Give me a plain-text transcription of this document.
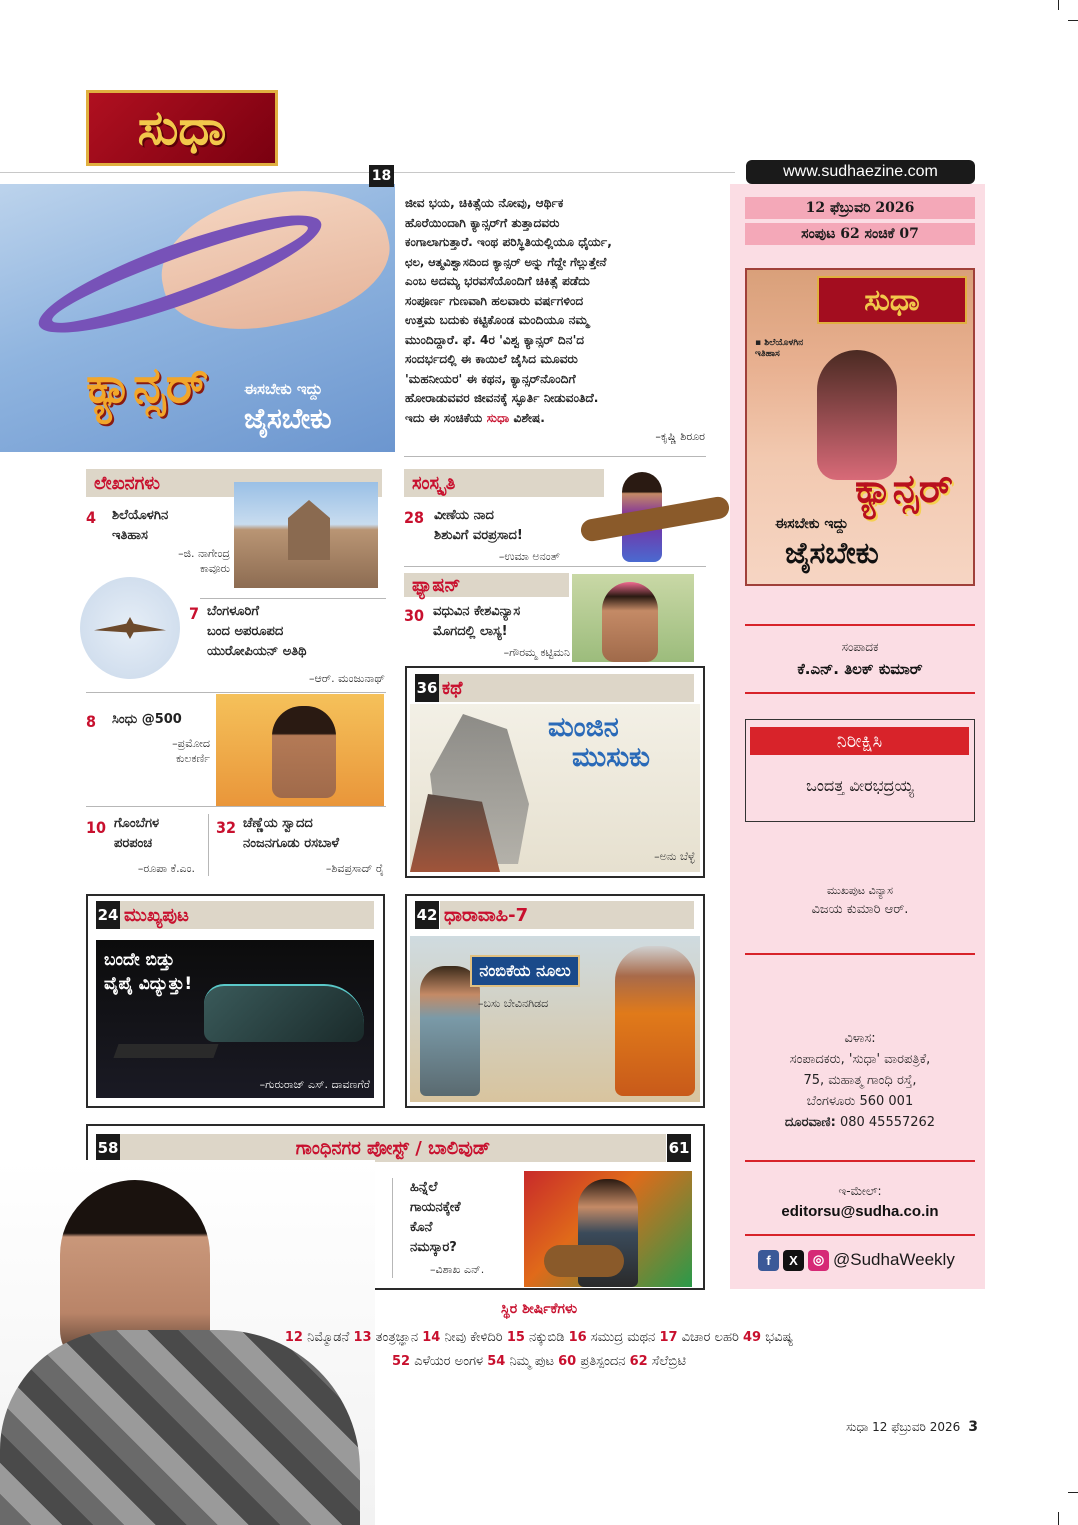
ಸುಧಾ
www.sudhaezine.com
12 ಫೆಬ್ರುವರಿ 2026
ಸಂಪುಟ 62 ಸಂಚಿಕೆ 07
ಸುಧಾ
▪ ಶಿಲೆಯೊಳಗಿನ ಇತಿಹಾಸ
ಕ್ಯಾನ್ಸರ್
ಈಸಬೇಕು ಇದ್ದು
ಜೈಸಬೇಕು
ಸಂಪಾದಕ
ಕೆ.ಎನ್. ತಿಲಕ್ ಕುಮಾರ್
ನಿರೀಕ್ಷಿಸಿ
ಒಂದತ್ತ ವೀರಭದ್ರಯ್ಯ
ಮುಖಪುಟ ವಿನ್ಯಾಸ
ವಿಜಯ ಕುಮಾರಿ ಆರ್.
ವಿಳಾಸ:
ಸಂಪಾದಕರು, 'ಸುಧಾ' ವಾರಪತ್ರಿಕೆ,
75, ಮಹಾತ್ಮ ಗಾಂಧಿ ರಸ್ತೆ,
ಬೆಂಗಳೂರು 560 001
ದೂರವಾಣಿ: 080 45557262
ಇ-ಮೇಲ್:
editorsu@sudha.co.in
f	X	◎ @SudhaWeekly
ಕ್ಯಾನ್ಸರ್ ಈಸಬೇಕು ಇದ್ದು
ಜೈಸಬೇಕು
18
ಜೀವ ಭಯ, ಚಿಕಿತ್ಸೆಯ ನೋವು, ಆರ್ಥಿಕ
ಹೊರೆಯಿಂದಾಗಿ ಕ್ಯಾನ್ಸರ್‌ಗೆ ತುತ್ತಾದವರು
ಕಂಗಾಲಾಗುತ್ತಾರೆ. ಇಂಥ ಪರಿಸ್ಥಿತಿಯಲ್ಲಿಯೂ ಧೈರ್ಯ,
ಛಲ, ಆತ್ಮವಿಶ್ವಾಸದಿಂದ ಕ್ಯಾನ್ಸರ್ ಅನ್ನು ಗೆದ್ದೇ ಗೆಲ್ಲುತ್ತೇನೆ
ಎಂಬ ಅದಮ್ಯ ಭರವಸೆಯೊಂದಿಗೆ ಚಿಕಿತ್ಸೆ ಪಡೆದು
ಸಂಪೂರ್ಣ ಗುಣವಾಗಿ ಹಲವಾರು ವರ್ಷಗಳಿಂದ
ಉತ್ತಮ ಬದುಕು ಕಟ್ಟಿಕೊಂಡ ಮಂದಿಯೂ ನಮ್ಮ
ಮುಂದಿದ್ದಾರೆ. ಫೆ. 4ರ 'ವಿಶ್ವ ಕ್ಯಾನ್ಸರ್ ದಿನ'ದ
ಸಂದರ್ಭದಲ್ಲಿ ಈ ಕಾಯಿಲೆ ಜೈಸಿದ ಮೂವರು
'ಮಹನೀಯರ' ಈ ಕಥನ, ಕ್ಯಾನ್ಸರ್‌ನೊಂದಿಗೆ
ಹೋರಾಡುವವರ ಜೀವನಕ್ಕೆ ಸ್ಫೂರ್ತಿ ನೀಡುವಂತಿದೆ.
ಇದು ಈ ಸಂಚಿಕೆಯ ಸುಧಾ ವಿಶೇಷ.
–ಕೃಷ್ಣಿ ಶಿರೂರ
ಲೇಖನಗಳು
4 ಶಿಲೆಯೊಳಗಿನ
ಇತಿಹಾಸ
–ಜಿ. ನಾಗೇಂದ್ರ
ಕಾವೂರು
7 ಬೆಂಗಳೂರಿಗೆ
ಬಂದ ಅಪರೂಪದ
ಯುರೋಪಿಯನ್ ಅತಿಥಿ
–ಆರ್. ಮಂಜುನಾಥ್
8 ಸಿಂಧು @500
–ಪ್ರಮೋದ
ಕುಲಕರ್ಣಿ
10 ಗೊಂಬೆಗಳ
ಪರಪಂಚ
–ರೂಪಾ ಕೆ.ಎಂ.
32 ಚೆಣ್ಣೆಯ ಸ್ವಾದದ
ನಂಜನಗೂಡು ರಸಬಾಳೆ
–ಶಿವಪ್ರಸಾದ್ ರೈ
ಸಂಸ್ಕೃತಿ
28 ವೀಣೆಯ ನಾದ
ಶಿಶುವಿಗೆ ವರಪ್ರಸಾದ!
–ಉಮಾ ಅನಂತ್
ಫ್ಯಾಷನ್
30 ವಧುವಿನ ಕೇಶವಿನ್ಯಾಸ
ಮೊಗದಲ್ಲಿ ಲಾಸ್ಯ!
–ಗೌರಮ್ಮ ಕಟ್ಟಿಮನಿ
ಕಥೆ
36
ಮಂಜಿನ
ಮುಸುಕು
–ಅನು ಬೆಳ್ಳೆ
ಮುಖ್ಯಪುಟ
24
ಬಂದೇ ಬಿಡ್ತು
ವೈಪೈ ವಿದ್ಯುತ್ತು!
–ಗುರುರಾಜ್ ಎಸ್. ದಾವಣಗೆರೆ
ಧಾರಾವಾಹಿ-7
42
ನಂಬಿಕೆಯ ನೂಲು
–ಬಸು ಬೇವಿನಗಿಡದ
ಗಾಂಧಿನಗರ ಪೋಸ್ಟ್ / ಬಾಲಿವುಡ್
58	61
ಹಿನ್ನೆಲೆ
ಗಾಯನಕ್ಕೇಕೆ
ಕೊನೆ
ನಮಸ್ಕಾರ?
–ವಿಶಾಖ ಎನ್.
ಸ್ಥಿರ ಶೀರ್ಷಿಕೆಗಳು
12 ನಿಮ್ಮೊಡನೆ 13 ತಂತ್ರಜ್ಞಾನ 14 ನೀವು ಕೇಳಿದಿರಿ 15 ನಕ್ಕುಬಿಡಿ 16 ಸಮುದ್ರ ಮಥನ 17 ವಿಚಾರ ಲಹರಿ 49 ಭವಿಷ್ಯ
52 ಎಳೆಯರ ಅಂಗಳ 54 ನಿಮ್ಮ ಪುಟ 60 ಪ್ರತಿಸ್ಪಂದನ 62 ಸೆಲೆಬ್ರಿಟಿ
ಸುಧಾ 12 ಫೆಬ್ರುವರಿ 2026 3
